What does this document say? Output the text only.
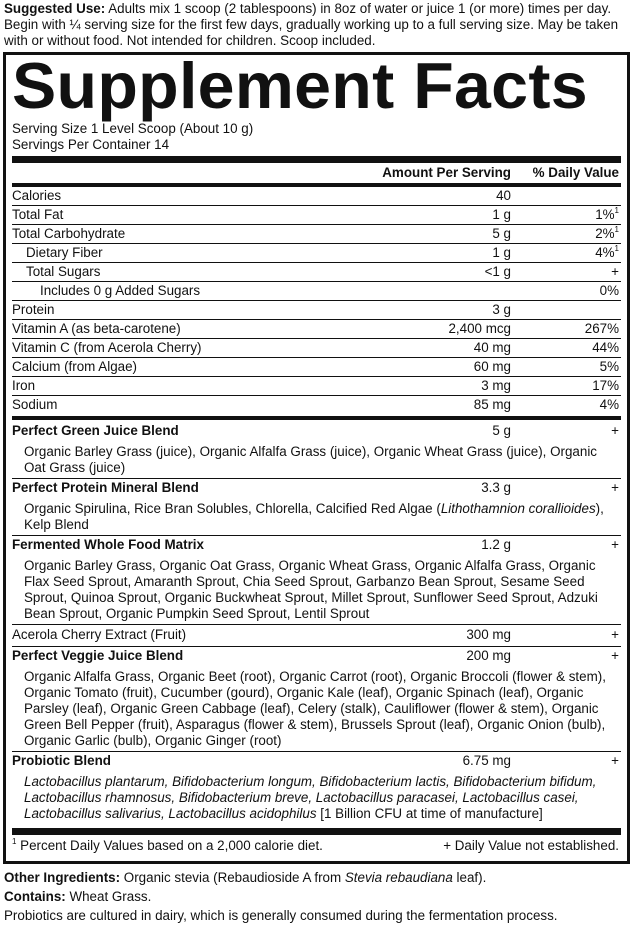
Suggested Use: Adults mix 1 scoop (2 tablespoons) in 8oz of water or juice 1 (or more) times per day. Begin with ¼ serving size for the first few days, gradually working up to a full serving size. May be taken with or without food. Not intended for children. Scoop included.
Supplement Facts
Serving Size 1 Level Scoop (About 10 g)
Servings Per Container 14
Amount Per Serving % Daily Value
Calories	40
Total Fat	1 g	1%$^1$
Total Carbohydrate	5 g	2%$^1$
Dietary Fiber	1 g	4%$^1$
Total Sugars	<1 g	+
Includes 0 g Added Sugars	0%
Protein	3 g
Vitamin A (as beta-carotene)	2,400 mcg	267%
Vitamin C (from Acerola Cherry)	40 mg	44%
Calcium (from Algae)	60 mg	5%
Iron	3 mg	17%
Sodium	85 mg	4%
Perfect Green Juice Blend	5 g	+
Organic Barley Grass (juice), Organic Alfalfa Grass (juice), Organic Wheat Grass (juice), Organic Oat Grass (juice)
Perfect Protein Mineral Blend	3.3 g	+
Organic Spirulina, Rice Bran Solubles, Chlorella, Calcified Red Algae (Lithothamnion corallioides), Kelp Blend
Fermented Whole Food Matrix	1.2 g	+
Organic Barley Grass, Organic Oat Grass, Organic Wheat Grass, Organic Alfalfa Grass, Organic Flax Seed Sprout, Amaranth Sprout, Chia Seed Sprout, Garbanzo Bean Sprout, Sesame Seed Sprout, Quinoa Sprout, Organic Buckwheat Sprout, Millet Sprout, Sunflower Seed Sprout, Adzuki Bean Sprout, Organic Pumpkin Seed Sprout, Lentil Sprout
Acerola Cherry Extract (Fruit)	300 mg	+
Perfect Veggie Juice Blend	200 mg	+
Organic Alfalfa Grass, Organic Beet (root), Organic Carrot (root), Organic Broccoli (flower & stem), Organic Tomato (fruit), Cucumber (gourd), Organic Kale (leaf), Organic Spinach (leaf), Organic Parsley (leaf), Organic Green Cabbage (leaf), Celery (stalk), Cauliflower (flower & stem), Organic Green Bell Pepper (fruit), Asparagus (flower & stem), Brussels Sprout (leaf), Organic Onion (bulb), Organic Garlic (bulb), Organic Ginger (root)
Probiotic Blend	6.75 mg	+
Lactobacillus plantarum, Bifidobacterium longum, Bifidobacterium lactis, Bifidobacterium bifidum, Lactobacillus rhamnosus, Bifidobacterium breve, Lactobacillus paracasei, Lactobacillus casei, Lactobacillus salivarius, Lactobacillus acidophilus [1 Billion CFU at time of manufacture]
$^1$ Percent Daily Values based on a 2,000 calorie diet.	+ Daily Value not established.
Other Ingredients: Organic stevia (Rebaudioside A from Stevia rebaudiana leaf).
Contains: Wheat Grass.
Probiotics are cultured in dairy, which is generally consumed during the fermentation process.
